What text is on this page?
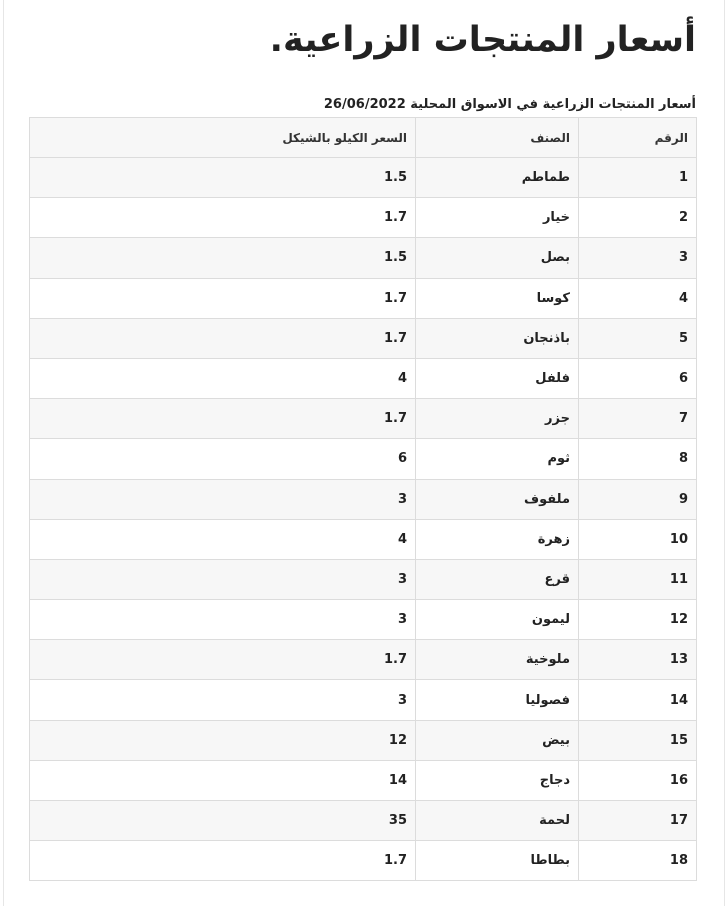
أسعار المنتجات الزراعية.
أسعار المنتجات الزراعية في الاسواق المحلية 26/06/2022
الرقم	الصنف	السعر الكيلو بالشيكل
1	طماطم	1.5
2	خيار	1.7
3	بصل	1.5
4	كوسا	1.7
5	باذنجان	1.7
6	فلفل	4
7	جزر	1.7
8	ثوم	6
9	ملفوف	3
10	زهرة	4
11	قرع	3
12	ليمون	3
13	ملوخية	1.7
14	فصوليا	3
15	بيض	12
16	دجاج	14
17	لحمة	35
18	بطاطا	1.7
